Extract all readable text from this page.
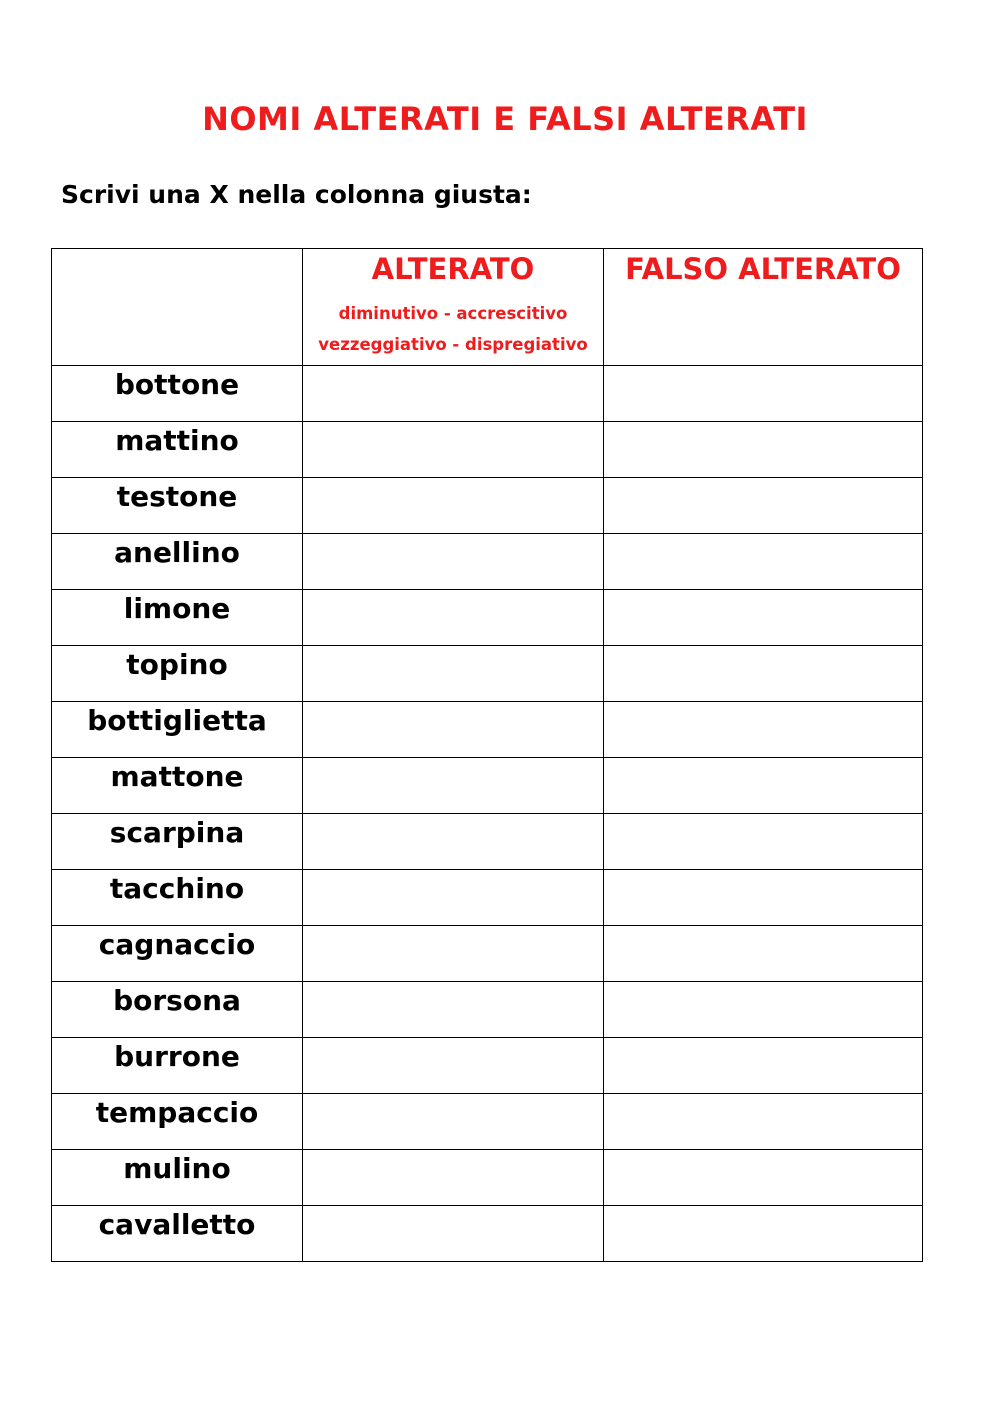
NOMI ALTERATI E FALSI ALTERATI
Scrivi una X nella colonna giusta:

	ALTERATO
diminutivo - accrescitivo
vezzeggiativo - dispregiativo	FALSO ALTERATO

bottone		

mattino		

testone		

anellino		

limone		

topino		

bottiglietta		

mattone		

scarpina		

tacchino		

cagnaccio		

borsona		

burrone		

tempaccio		

mulino		

cavalletto		
